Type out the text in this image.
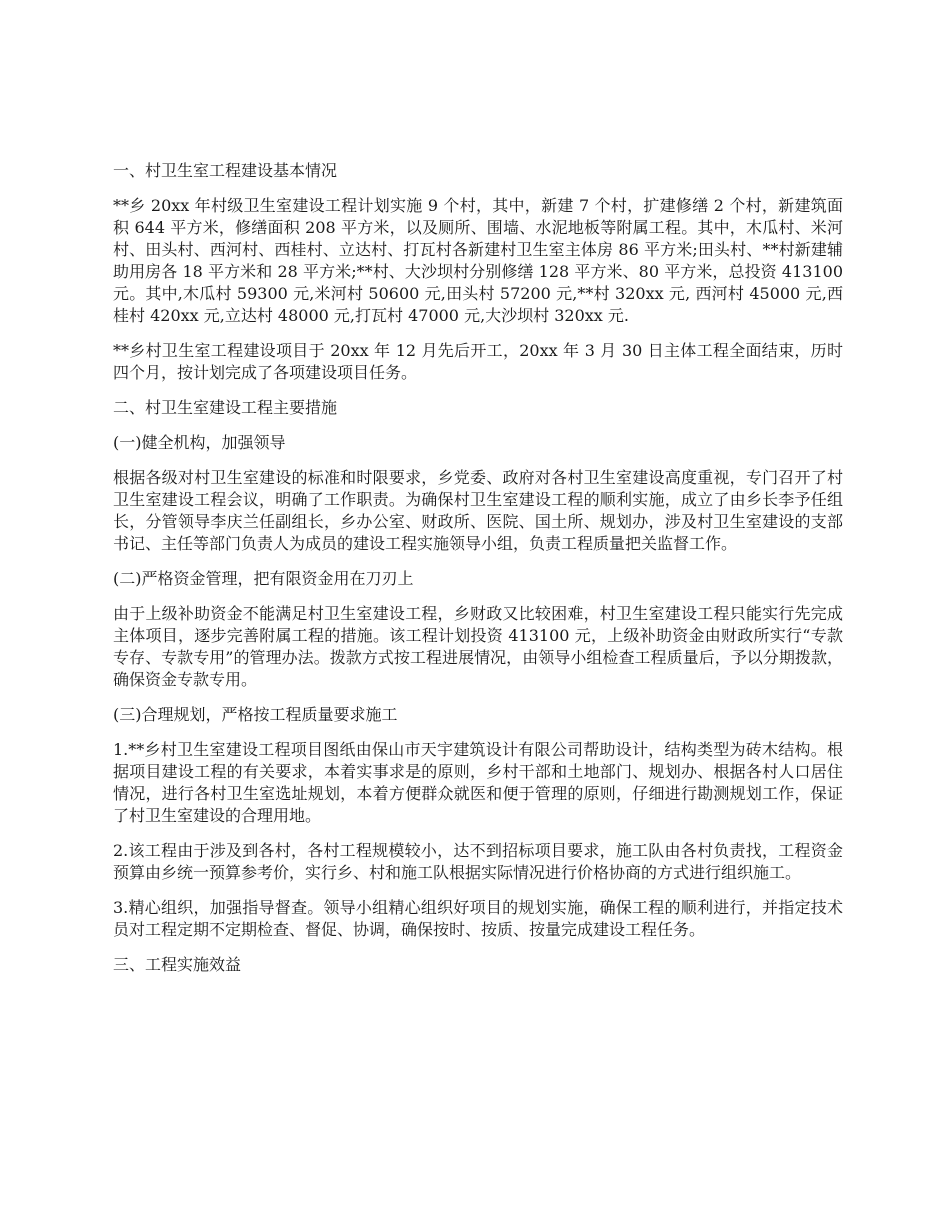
一、村卫生室工程建设基本情况

**乡 20xx 年村级卫生室建设工程计划实施 9 个村，其中，新建 7 个村，扩建修缮 2 个村，新建筑面积 644 平方米，修缮面积 208 平方米，以及厕所、围墙、水泥地板等附属工程。其中，木瓜村、米河村、田头村、西河村、西桂村、立达村、打瓦村各新建村卫生室主体房 86 平方米;田头村、**村新建辅助用房各 18 平方米和 28 平方米;**村、大沙坝村分别修缮 128 平方米、80 平方米，总投资 413100 元。其中,木瓜村 59300 元,米河村 50600 元,田头村 57200 元,**村 320xx 元, 西河村 45000 元,西桂村 420xx 元,立达村 48000 元,打瓦村 47000 元,大沙坝村 320xx 元.

**乡村卫生室工程建设项目于 20xx 年 12 月先后开工，20xx 年 3 月 30 日主体工程全面结束，历时四个月，按计划完成了各项建设项目任务。

二、村卫生室建设工程主要措施
(一)健全机构，加强领导

根据各级对村卫生室建设的标准和时限要求，乡党委、政府对各村卫生室建设高度重视，专门召开了村卫生室建设工程会议，明确了工作职责。为确保村卫生室建设工程的顺利实施，成立了由乡长李予任组长，分管领导李庆兰任副组长，乡办公室、财政所、医院、国土所、规划办，涉及村卫生室建设的支部书记、主任等部门负责人为成员的建设工程实施领导小组，负责工程质量把关监督工作。

(二)严格资金管理，把有限资金用在刀刃上

由于上级补助资金不能满足村卫生室建设工程，乡财政又比较困难，村卫生室建设工程只能实行先完成主体项目，逐步完善附属工程的措施。该工程计划投资 413100 元，上级补助资金由财政所实行“专款专存、专款专用”的管理办法。拨款方式按工程进展情况，由领导小组检查工程质量后，予以分期拨款，确保资金专款专用。

(三)合理规划，严格按工程质量要求施工

1.**乡村卫生室建设工程项目图纸由保山市天宇建筑设计有限公司帮助设计，结构类型为砖木结构。根据项目建设工程的有关要求，本着实事求是的原则，乡村干部和土地部门、规划办、根据各村人口居住情况，进行各村卫生室选址规划，本着方便群众就医和便于管理的原则，仔细进行勘测规划工作，保证了村卫生室建设的合理用地。

2.该工程由于涉及到各村，各村工程规模较小，达不到招标项目要求，施工队由各村负责找，工程资金预算由乡统一预算参考价，实行乡、村和施工队根据实际情况进行价格协商的方式进行组织施工。

3.精心组织，加强指导督查。领导小组精心组织好项目的规划实施，确保工程的顺利进行，并指定技术员对工程定期不定期检查、督促、协调，确保按时、按质、按量完成建设工程任务。

三、工程实施效益
